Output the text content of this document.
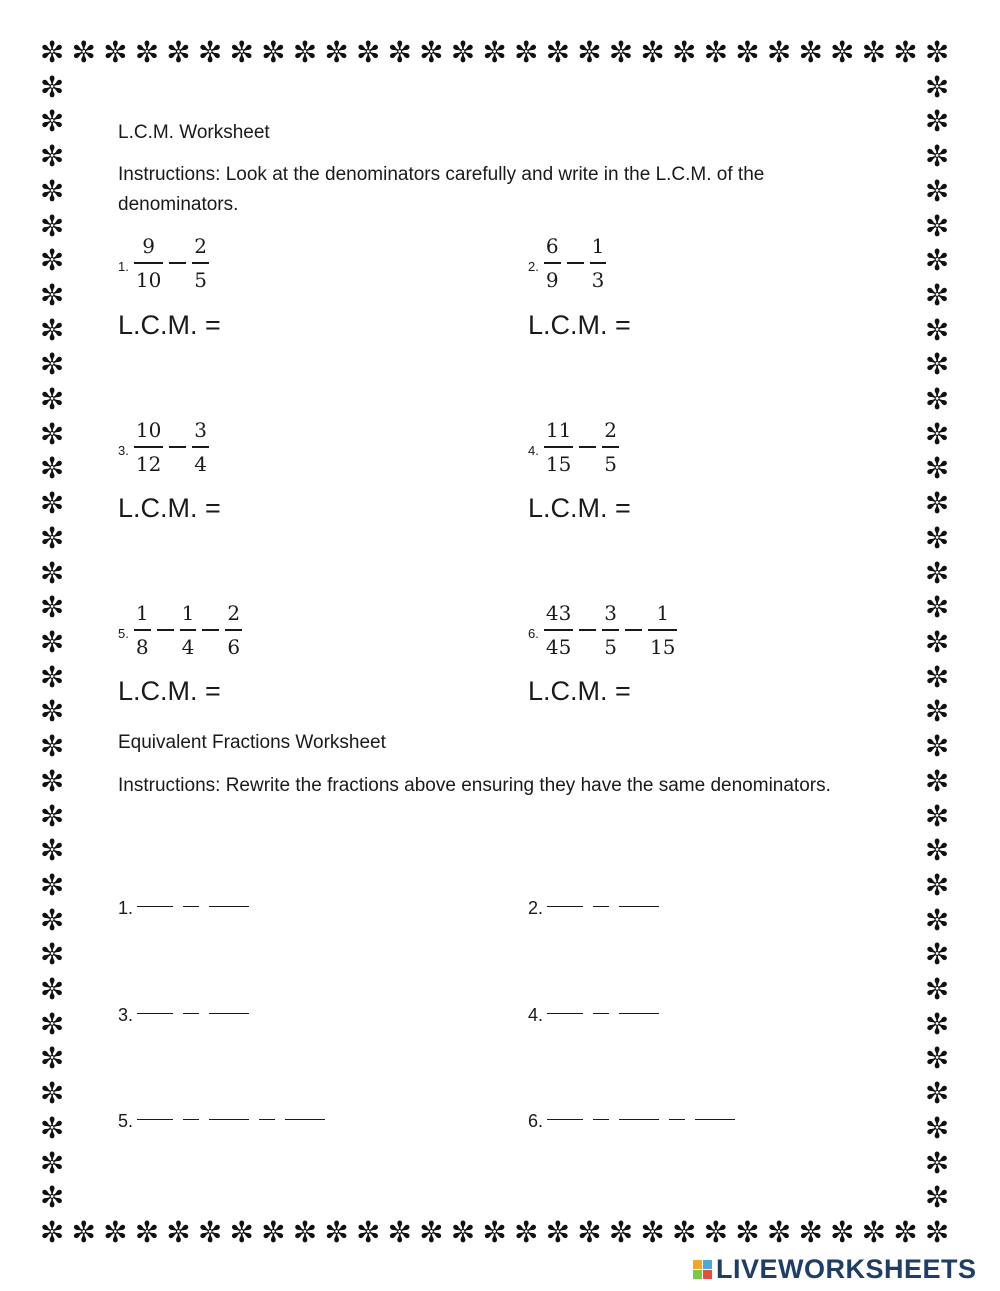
✼
✼
✼
✼
✼
✼
✼
✼
✼
✼
✼
✼
✼
✼
✼
✼
✼
✼
✼
✼
✼
✼
✼
✼
✼
✼
✼
✼
✼
✼
✼
✼
✼
✼
✼
✼
✼
✼
✼
✼
✼
✼
✼
✼
✼
✼
✼
✼
✼
✼
✼
✼
✼
✼
✼
✼
✼
✼
✼	✼
✼	✼
✼	✼
✼	✼
✼	✼
✼	✼
✼	✼
✼	✼
✼	✼
✼	✼
✼	✼
✼	✼
✼	✼
✼	✼
✼	✼
✼	✼
✼	✼
✼	✼
✼	✼
✼	✼
✼	✼
✼	✼
✼	✼
✼	✼
✼	✼
✼	✼
✼	✼
✼	✼
✼	✼
✼	✼
✼	✼
✼	✼
✼	✼
L.C.M. Worksheet
Instructions: Look at the denominators carefully and write in the L.C.M. of the denominators.
1. $\frac{9}{10} \frac{2}{5}$
L.C.M. =
2. $\frac{6}{9} \frac{1}{3}$
L.C.M. =
3. $\frac{10}{12} \frac{3}{4}$
L.C.M. =
4. $\frac{11}{15} \frac{2}{5}$
L.C.M. =
5. $\frac{1}{8} \frac{1}{4} \frac{2}{6}$
L.C.M. =
6. $\frac{43}{45} \frac{3}{5} \frac{1}{15}$
L.C.M. =
Equivalent Fractions Worksheet
Instructions: Rewrite the fractions above ensuring they have the same denominators.
1.	2.
3.	4.
5.	6.
LIVEWORKSHEETS
